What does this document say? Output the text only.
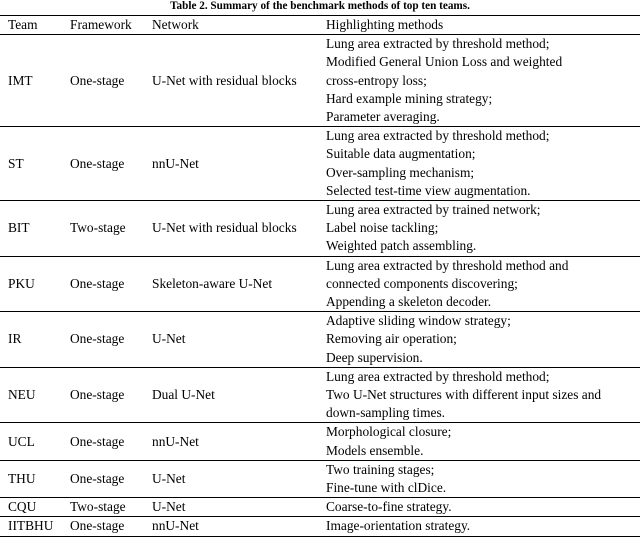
Table 2. Summary of the benchmark methods of top ten teams.
Team	Framework	Network	Highlighting methods
IMT	One-stage	U-Net with residual blocks	Lung area extracted by threshold method;
Modified General Union Loss and weighted
cross-entropy loss;
Hard example mining strategy;
Parameter averaging.

ST	One-stage	nnU-Net	Lung area extracted by threshold method;
Suitable data augmentation;
Over-sampling mechanism;
Selected test-time view augmentation.

BIT	Two-stage	U-Net with residual blocks	Lung area extracted by trained network;
Label noise tackling;
Weighted patch assembling.

PKU	One-stage	Skeleton-aware U-Net	Lung area extracted by threshold method and
connected components discovering;
Appending a skeleton decoder.

IR	One-stage	U-Net	Adaptive sliding window strategy;
Removing air operation;
Deep supervision.

NEU	One-stage	Dual U-Net	Lung area extracted by threshold method;
Two U-Net structures with different input sizes and
down-sampling times.

UCL	One-stage	nnU-Net	Morphological closure;
Models ensemble.

THU	One-stage	U-Net	Two training stages;
Fine-tune with clDice.

CQU	Two-stage	U-Net	Coarse-to-fine strategy.

IITBHU	One-stage	nnU-Net	Image-orientation strategy.
